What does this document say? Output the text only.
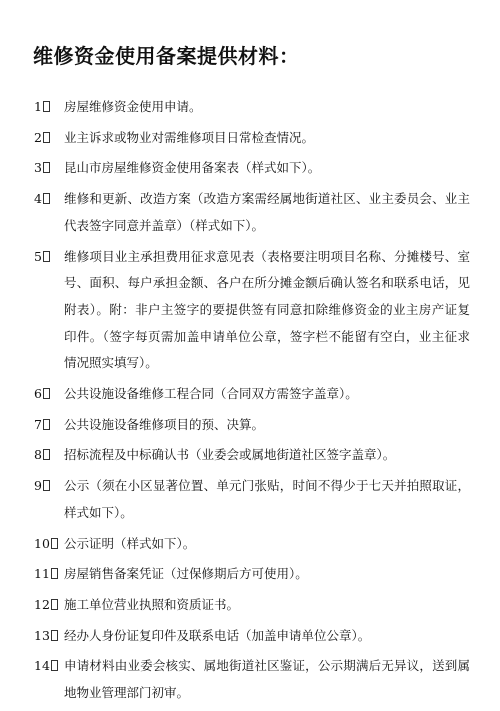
维修资金使用备案提供材料：
1	房屋维修资金使用申请。
2	业主诉求或物业对需维修项目日常检查情况。
3	昆山市房屋维修资金使用备案表（样式如下）。
4	维修和更新、改造方案（改造方案需经属地街道社区、业主委员会、业主代表签字同意并盖章）（样式如下）。
5	维修项目业主承担费用征求意见表（表格要注明项目名称、分摊楼号、室号、面积、每户承担金额、各户在所分摊金额后确认签名和联系电话，见附表）。附：非户主签字的要提供签有同意扣除维修资金的业主房产证复印件。（签字每页需加盖申请单位公章，签字栏不能留有空白，业主征求情况照实填写）。
6	公共设施设备维修工程合同（合同双方需签字盖章）。
7	公共设施设备维修项目的预、决算。
8	招标流程及中标确认书（业委会或属地街道社区签字盖章）。
9	公示（须在小区显著位置、单元门张贴，时间不得少于七天并拍照取证，样式如下）。
10	公示证明（样式如下）。
11	房屋销售备案凭证（过保修期后方可使用）。
12	施工单位营业执照和资质证书。
13	经办人身份证复印件及联系电话（加盖申请单位公章）。
14	申请材料由业委会核实、属地街道社区鉴证，公示期满后无异议，送到属地物业管理部门初审。
